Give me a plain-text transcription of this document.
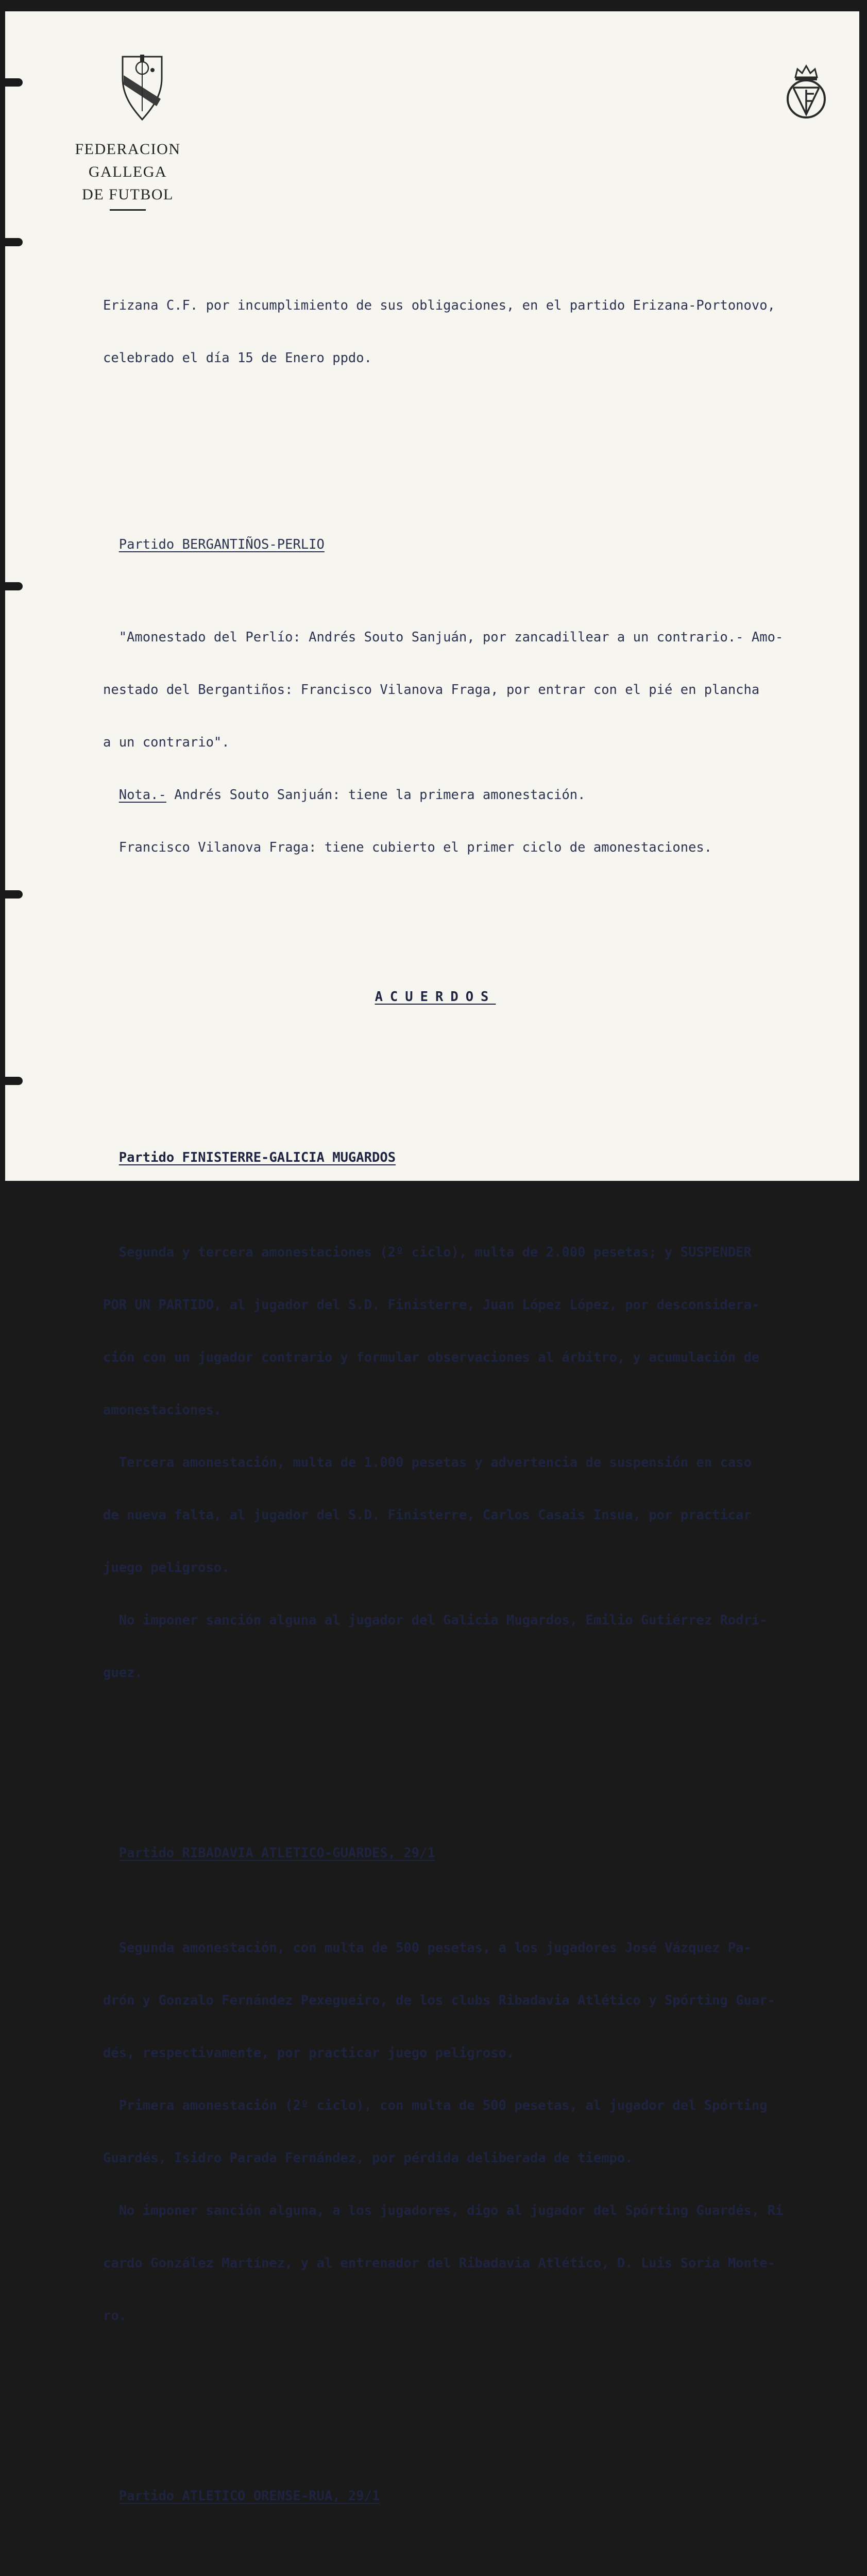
FEDERACION GALLEGA
DE FUTBOL

Erizana C.F. por incumplimiento de sus obligaciones, en el partido Erizana-Portonovo,

celebrado el día 15 de Enero ppdo.

Partido BERGANTIÑOS-PERLIO

"Amonestado del Perlío: Andrés Souto Sanjuán, por zancadillear a un contrario.- Amo-

nestado del Bergantiños: Francisco Vilanova Fraga, por entrar con el pié en plancha

a un contrario".

Nota.- Andrés Souto Sanjuán: tiene la primera amonestación.

Francisco Vilanova Fraga: tiene cubierto el primer ciclo de amonestaciones.

ACUERDOS

Partido FINISTERRE-GALICIA MUGARDOS

Segunda y tercera amonestaciones (2º ciclo), multa de 2.000 pesetas; y SUSPENDER

POR UN PARTIDO, al jugador del S.D. Finisterre, Juan López López, por desconsidera-

ción con un jugador contrario y formular observaciones al árbitro, y acumulación de

amonestaciones.

Tercera amonestación, multa de 1.000 pesetas y advertencia de suspensión en caso

de nueva falta, al jugador del S.D. Finisterre, Carlos Casais Insua, por practicar

juego peligroso.

No imponer sanción alguna al jugador del Galicia Mugardos, Emilio Gutiérrez Rodrí-

guez.

Partido RIBADAVIA ATLETICO-GUARDES, 29/1

Segunda amonestación, con multa de 500 pesetas, a los jugadores José Vázquez Pa-

drón y Gonzalo Fernández Pexegueiro, de los clubs Ribadavia Atlético y Spórting Guar-

dés, respectivamente, por practicar juego peligroso.

Primera amonestación (2º ciclo), con multa de 500 pesetas, al jugador del Spórting

Guardés, Isidro Parada Fernández, por pérdida deliberada de tiempo.

No imponer sanción alguna, a los jugadores, digo al jugador del Spórting Guardés, Ri

cardo González Martínez, y al entrenador del Ribadavia Atlético, D. Luis Soria Monte-

ro.

Partido ATLETICO ORENSE-RUA, 29/1
